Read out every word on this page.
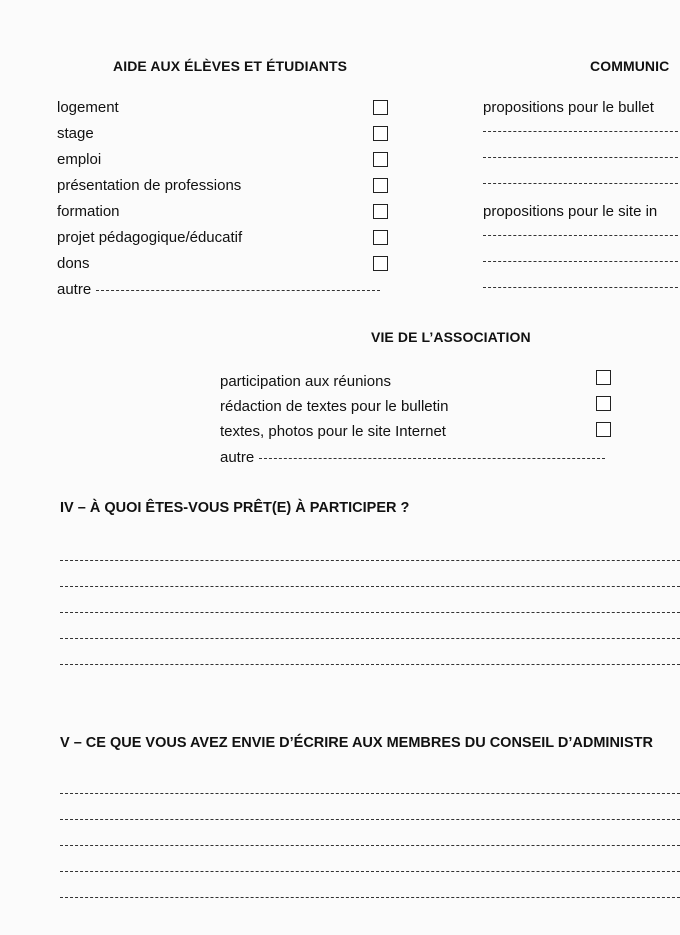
AIDE AUX ÉLÈVES ET ÉTUDIANTS
logement
stage
emploi
présentation de professions
formation
projet pédagogique/éducatif
dons
autre
COMMUNIC
propositions pour le bullet
propositions pour le site in
VIE DE L’ASSOCIATION
participation aux réunions
rédaction de textes pour le bulletin
textes, photos pour le site Internet
autre
IV – À QUOI ÊTES-VOUS PRÊT(E) À PARTICIPER ?
V – CE QUE VOUS AVEZ ENVIE D’ÉCRIRE AUX MEMBRES DU CONSEIL D’ADMINISTR
